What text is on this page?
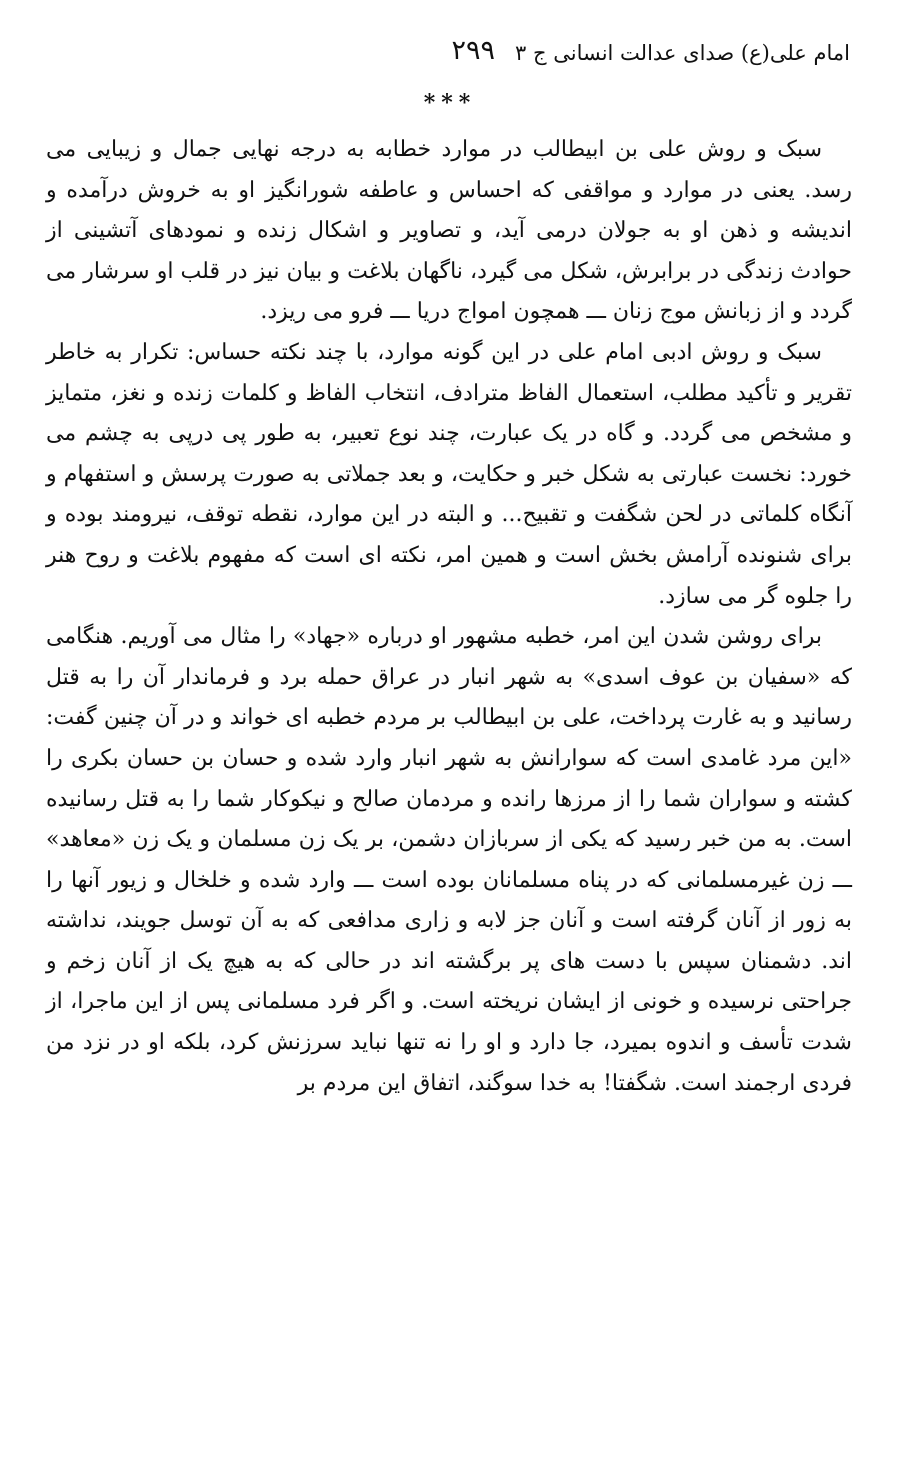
امام علی(ع) صدای عدالت انسانی ج ۳
۲۹۹
***

سبک و روش علی بن ابیطالب در موارد خطابه به درجه نهایی جمال و زیبایی می رسد. یعنی در موارد و مواقفی که احساس و عاطفه شورانگیز او به خروش درآمده و اندیشه و ذهن او به جولان درمی آید، و تصاویر و اشکال زنده و نمودهای آتشینی از حوادث زندگی در برابرش، شکل می گیرد، ناگهان بلاغت و بیان نیز در قلب او سرشار می گردد و از زبانش موج زنان ـــ همچون امواج دریا ـــ فرو می ریزد.

سبک و روش ادبی امام علی در این گونه موارد، با چند نکته حساس: تکرار به خاطر تقریر و تأکید مطلب، استعمال الفاظ مترادف، انتخاب الفاظ و کلمات زنده و نغز، متمایز و مشخص می گردد. و گاه در یک عبارت، چند نوع تعبیر، به طور پی درپی به چشم می خورد: نخست عبارتی به شکل خبر و حکایت، و بعد جملاتی به صورت پرسش و استفهام و آنگاه کلماتی در لحن شگفت و تقبیح... و البته در این موارد، نقطه توقف، نیرومند بوده و برای شنونده آرامش بخش است و همین امر، نکته ای است که مفهوم بلاغت و روح هنر را جلوه گر می سازد.

برای روشن شدن این امر، خطبه مشهور او درباره «جهاد» را مثال می آوریم. هنگامی که «سفیان بن عوف اسدی» به شهر انبار در عراق حمله برد و فرماندار آن را به قتل رسانید و به غارت پرداخت، علی بن ابیطالب بر مردم خطبه ای خواند و در آن چنین گفت: «این مرد غامدی است که سوارانش به شهر انبار وارد شده و حسان بن حسان بکری را کشته و سواران شما را از مرزها رانده و مردمان صالح و نیکوکار شما را به قتل رسانیده است. به من خبر رسید که یکی از سربازان دشمن، بر یک زن مسلمان و یک زن «معاهد» ـــ زن غیرمسلمانی که در پناه مسلمانان بوده است ـــ وارد شده و خلخال و زیور آنها را به زور از آنان گرفته است و آنان جز لابه و زاری مدافعی که به آن توسل جویند، نداشته اند. دشمنان سپس با دست های پر برگشته اند در حالی که به هیچ یک از آنان زخم و جراحتی نرسیده و خونی از ایشان نریخته است. و اگر فرد مسلمانی پس از این ماجرا، از شدت تأسف و اندوه بمیرد، جا دارد و او را نه تنها نباید سرزنش کرد، بلکه او در نزد من فردی ارجمند است. شگفتا! به خدا سوگند، اتفاق این مردم بر
